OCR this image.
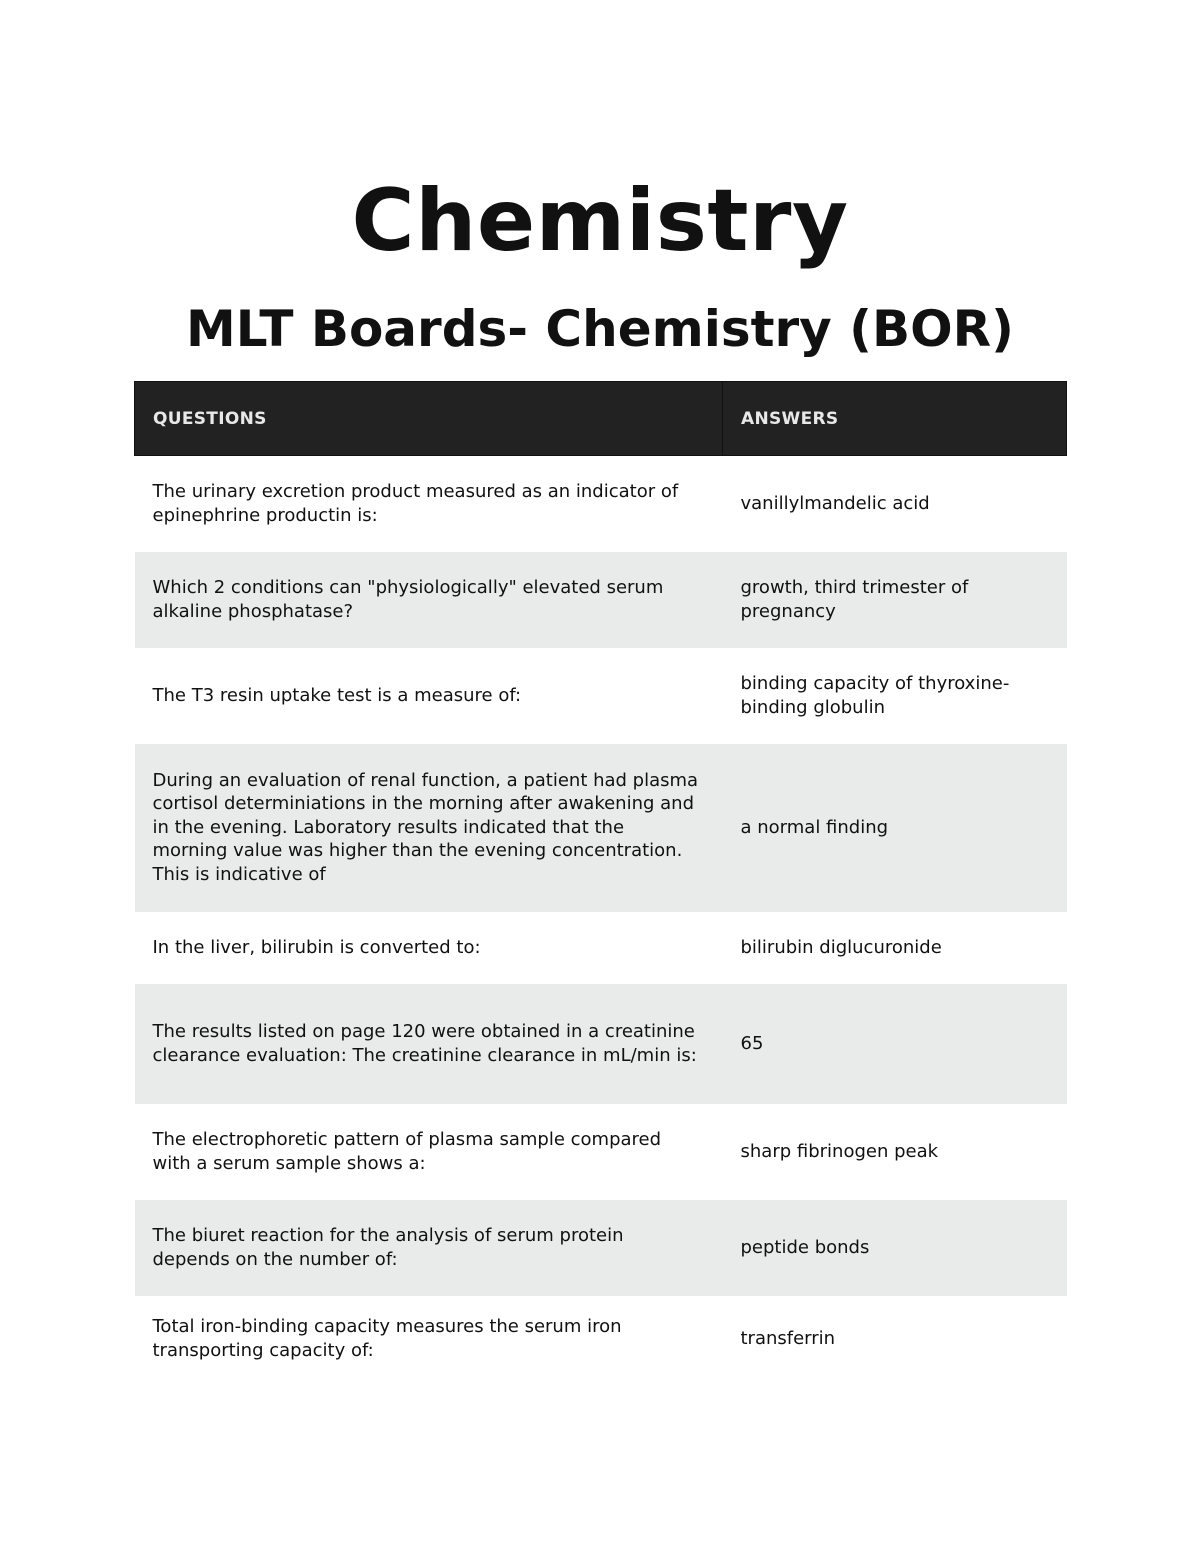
Chemistry
MLT Boards- Chemistry (BOR)
QUESTIONS	ANSWERS
The urinary excretion product measured as an indicator of epinephrine productin is:	vanillylmandelic acid
Which 2 conditions can "physiologically" elevated serum alkaline phosphatase?	growth, third trimester of pregnancy
The T3 resin uptake test is a measure of:	binding capacity of thyroxine-binding globulin
During an evaluation of renal function, a patient had plasma cortisol determiniations in the morning after awakening and in the evening. Laboratory results indicated that the morning value was higher than the evening concentration. This is indicative of	a normal finding
In the liver, bilirubin is converted to:	bilirubin diglucuronide
The results listed on page 120 were obtained in a creatinine clearance evaluation: The creatinine clearance in mL/min is:	65
The electrophoretic pattern of plasma sample compared with a serum sample shows a:	sharp fibrinogen peak
The biuret reaction for the analysis of serum protein depends on the number of:	peptide bonds
Total iron-binding capacity measures the serum iron transporting capacity of:	transferrin
